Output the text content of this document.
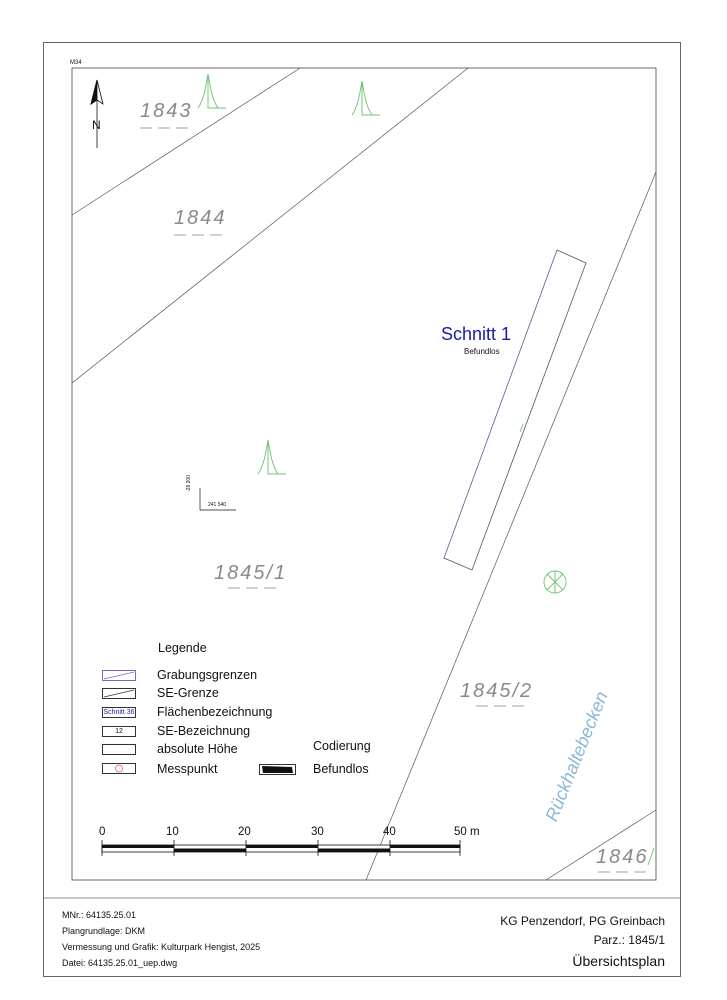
M34
N
1843
1844
1845/1
1845/2
1846
Schnitt 1
Befundlos
Rückhaltebecken
-28 200
241 540
Legende
Grabungsgrenzen
SE-Grenze
Schnitt 36 Flächenbezeichnung
12	SE-Bezeichnung
absolute Höhe
Messpunkt
Codierung
Befundlos
0	10	20	30	40	50 m
MNr.: 64135.25.01
Plangrundlage: DKM
Vermessung und Grafik: Kulturpark Hengist, 2025
Datei: 64135.25.01_uep.dwg
KG Penzendorf, PG Greinbach
Parz.: 1845/1
Übersichtsplan
